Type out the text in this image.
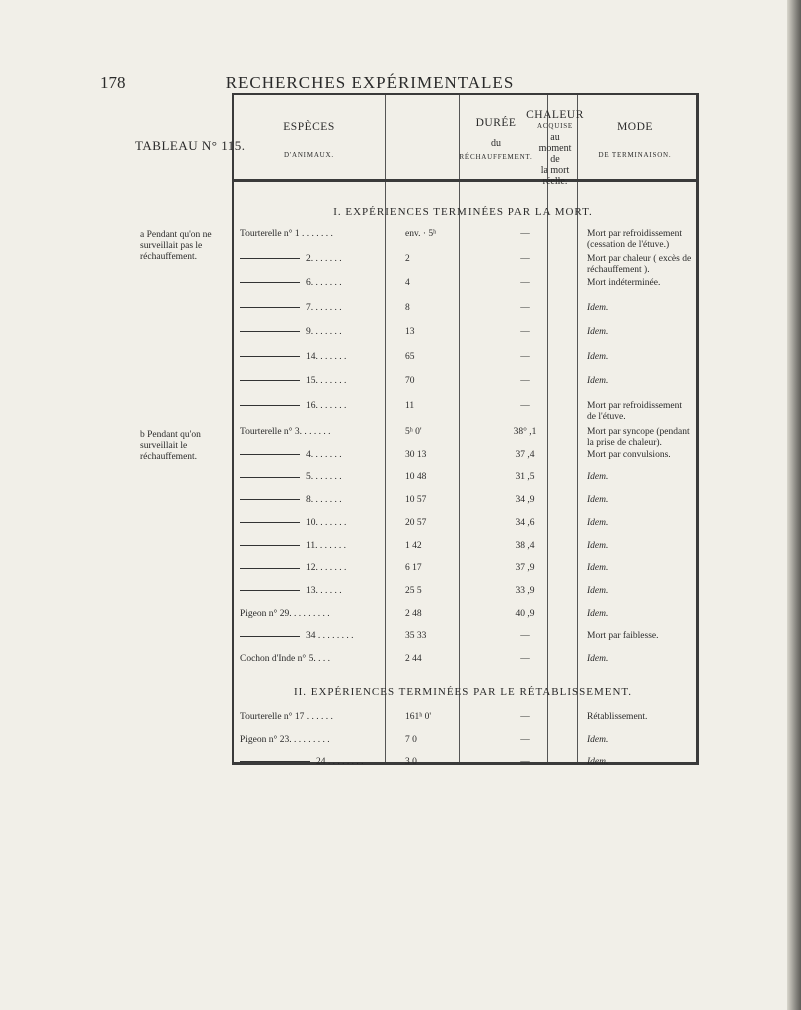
178	RECHERCHES EXPÉRIMENTALES
TABLEAU N° 115.
ESPÈCES
D'ANIMAUX.
DURÉE
du
RÉCHAUFFEMENT.
CHALEUR
ACQUISE
au
moment
de
la mort
réelle.
MODE
DE TERMINAISON.
I. EXPÉRIENCES TERMINÉES PAR LA MORT.
a Pendant qu'on ne surveillait pas le réchauffement.
b Pendant qu'on surveillait le réchauffement.
II. EXPÉRIENCES TERMINÉES PAR LE RÉTABLISSEMENT.
Tourterelle n° 1 . . . . . . .	env. · 5ʰ	—	Mort par refroidissement (cessation de l'étuve.)
2. . . . . . .	2	—	Mort par chaleur ( excès de réchauffement ).
6. . . . . . .	4	—	Mort indéterminée.
7. . . . . . .	8	—	Idem.
9. . . . . . .	13	—	Idem.
14. . . . . . .	65	—	Idem.
15. . . . . . .	70	—	Idem.
16. . . . . . .	11	—	Mort par refroidissement de l'étuve.
Tourterelle n° 3. . . . . . .	5ʰ 0'	38° ,1	Mort par syncope (pendant la prise de chaleur).
4. . . . . . .	30 13	37 ,4	Mort par convulsions.
5. . . . . . .	10 48	31 ,5	Idem.
8. . . . . . .	10 57	34 ,9	Idem.
10. . . . . . .	20 57	34 ,6	Idem.
11. . . . . . .	1 42	38 ,4	Idem.
12. . . . . . .	6 17	37 ,9	Idem.
13. . . . . .	25 5	33 ,9	Idem.
Pigeon n° 29. . . . . . . . .	2 48	40 ,9	Idem.
34 . . . . . . . .	35 33	—	Mort par faiblesse.
Cochon d'Inde n° 5. . . .	2 44	—	Idem.
Tourterelle n° 17 . . . . . .	161ʰ 0'	—	Rétablissement.
Pigeon n° 23. . . . . . . . .	7 0	—	Idem.
24 . . . . . . . .	3 0	—	Idem.
